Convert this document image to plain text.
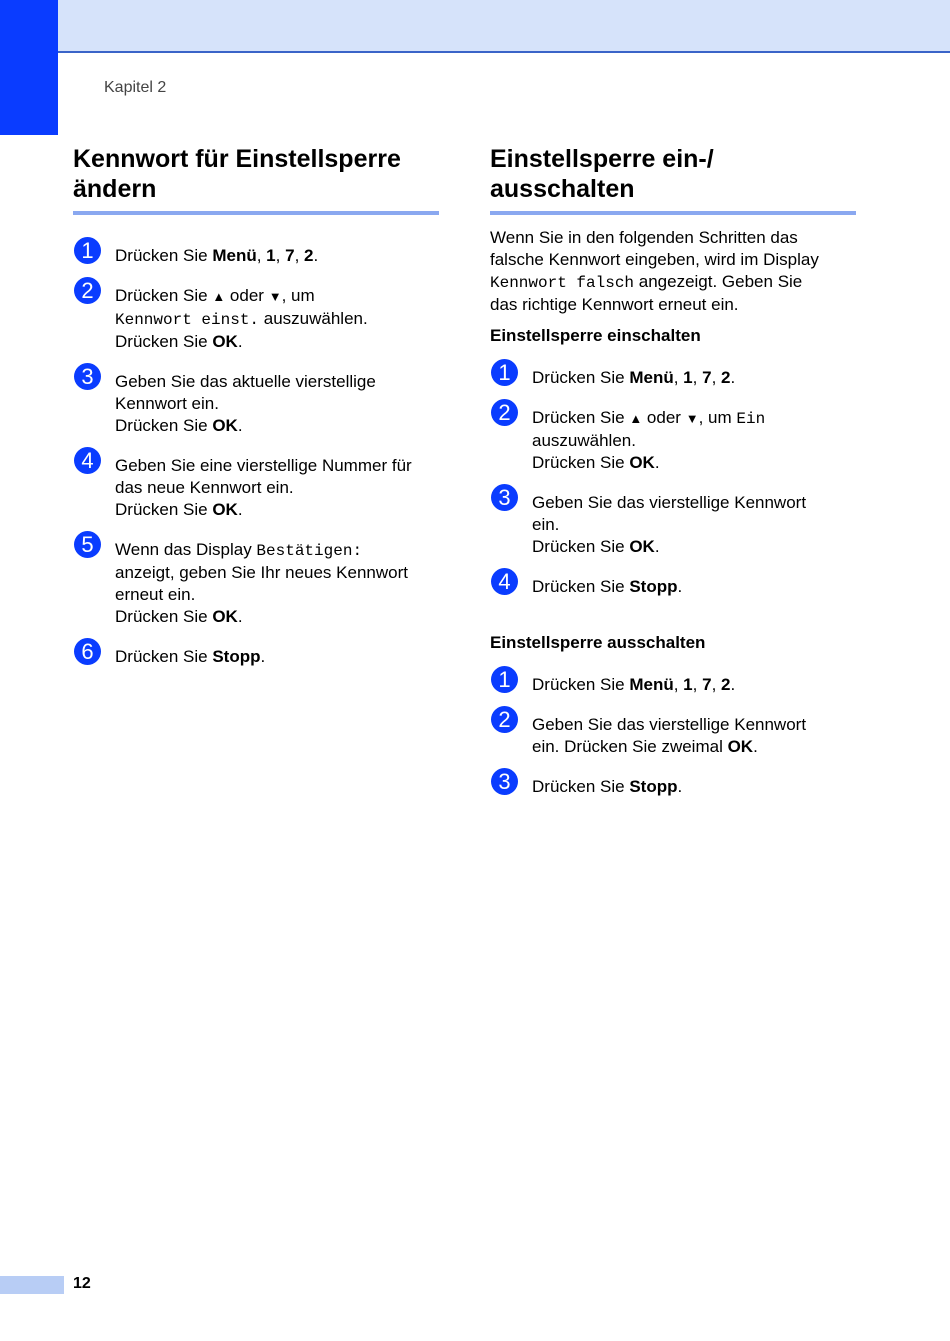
Kapitel 2
Kennwort für Einstellsperre
ändern
1	Drücken Sie Menü, 1, 7, 2.
2	Drücken Sie ▲ oder ▼, um
Kennwort einst. auszuwählen.
Drücken Sie OK.
3	Geben Sie das aktuelle vierstellige
Kennwort ein.
Drücken Sie OK.
4	Geben Sie eine vierstellige Nummer für
das neue Kennwort ein.
Drücken Sie OK.
5	Wenn das Display Bestätigen:
anzeigt, geben Sie Ihr neues Kennwort
erneut ein.
Drücken Sie OK.
6	Drücken Sie Stopp.
Einstellsperre ein-/
ausschalten

Wenn Sie in den folgenden Schritten das
falsche Kennwort eingeben, wird im Display
Kennwort falsch angezeigt. Geben Sie
das richtige Kennwort erneut ein.

Einstellsperre einschalten
1	Drücken Sie Menü, 1, 7, 2.
2	Drücken Sie ▲ oder ▼, um Ein
auszuwählen.
Drücken Sie OK.
3	Geben Sie das vierstellige Kennwort
ein.
Drücken Sie OK.
4	Drücken Sie Stopp.
Einstellsperre ausschalten
1	Drücken Sie Menü, 1, 7, 2.
2	Geben Sie das vierstellige Kennwort
ein. Drücken Sie zweimal OK.
3	Drücken Sie Stopp.
12
